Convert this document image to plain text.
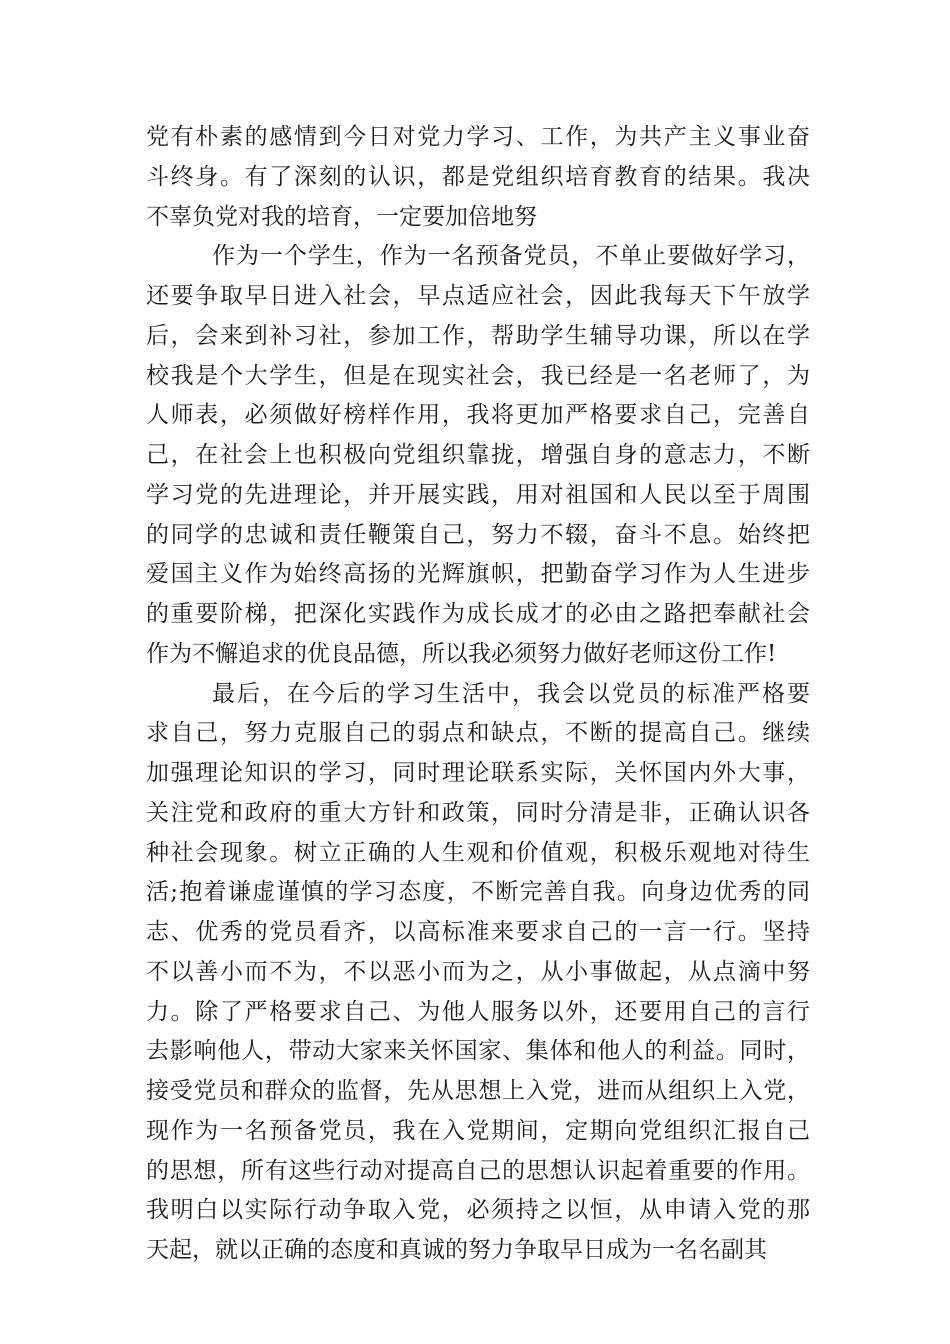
党有朴素的感情到今日对党力学习、工作，为共产主义事业奋
斗终身。有了深刻的认识，都是党组织培育教育的结果。我决
不辜负党对我的培育，一定要加倍地努
作为一个学生，作为一名预备党员，不单止要做好学习，
还要争取早日进入社会，早点适应社会，因此我每天下午放学
后，会来到补习社，参加工作，帮助学生辅导功课，所以在学
校我是个大学生，但是在现实社会，我已经是一名老师了，为
人师表，必须做好榜样作用，我将更加严格要求自己，完善自
己，在社会上也积极向党组织靠拢，增强自身的意志力，不断
学习党的先进理论，并开展实践，用对祖国和人民以至于周围
的同学的忠诚和责任鞭策自己，努力不辍，奋斗不息。始终把
爱国主义作为始终高扬的光辉旗帜，把勤奋学习作为人生进步
的重要阶梯，把深化实践作为成长成才的必由之路把奉献社会
作为不懈追求的优良品德，所以我必须努力做好老师这份工作!
最后，在今后的学习生活中，我会以党员的标准严格要
求自己，努力克服自己的弱点和缺点，不断的提高自己。继续
加强理论知识的学习，同时理论联系实际，关怀国内外大事，
关注党和政府的重大方针和政策，同时分清是非，正确认识各
种社会现象。树立正确的人生观和价值观，积极乐观地对待生
活;抱着谦虚谨慎的学习态度，不断完善自我。向身边优秀的同
志、优秀的党员看齐，以高标准来要求自己的一言一行。坚持
不以善小而不为，不以恶小而为之，从小事做起，从点滴中努
力。除了严格要求自己、为他人服务以外，还要用自己的言行
去影响他人，带动大家来关怀国家、集体和他人的利益。同时，
接受党员和群众的监督，先从思想上入党，进而从组织上入党，
现作为一名预备党员，我在入党期间，定期向党组织汇报自己
的思想，所有这些行动对提高自己的思想认识起着重要的作用。
我明白以实际行动争取入党，必须持之以恒，从申请入党的那
天起，就以正确的态度和真诚的努力争取早日成为一名名副其
